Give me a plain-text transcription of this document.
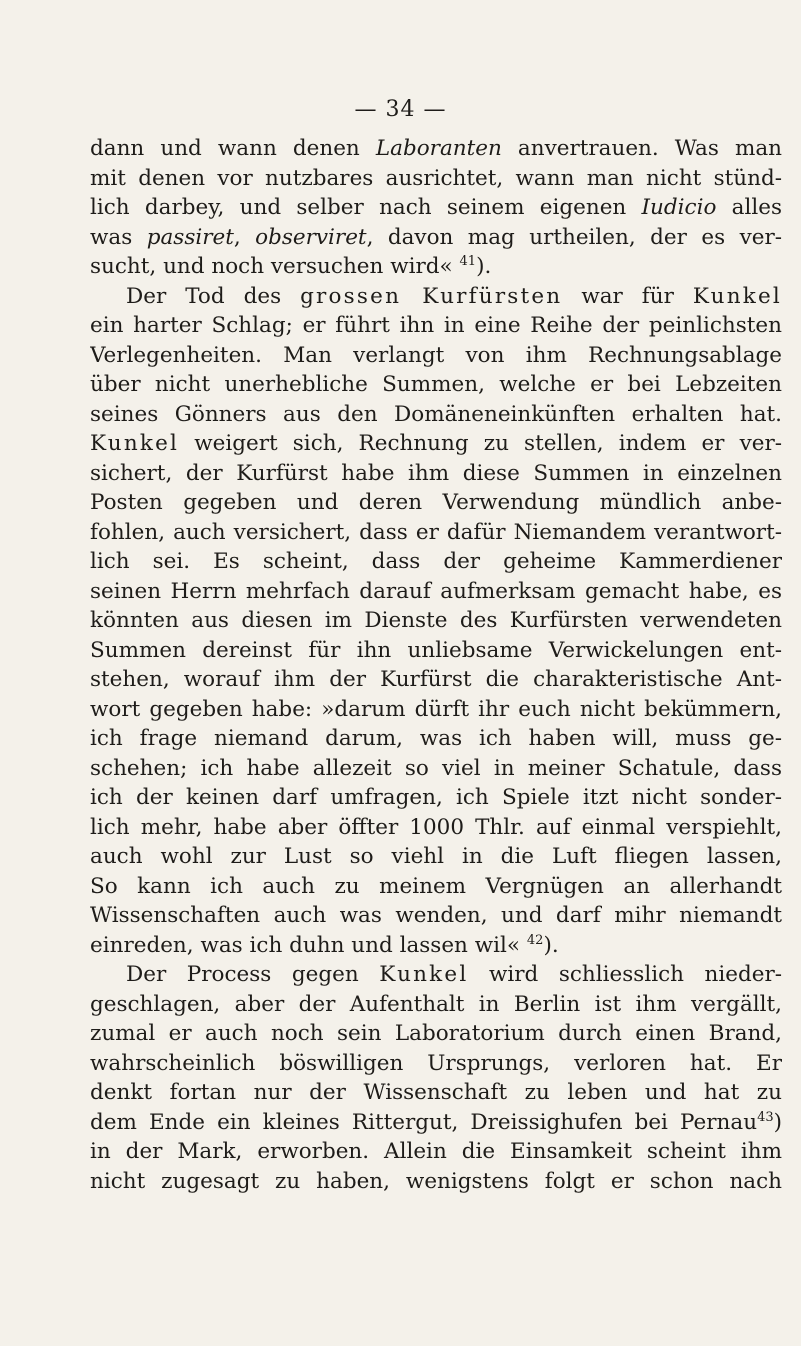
— 34 —
dann und wann denen Laboranten anvertrauen. Was man
mit denen vor nutzbares ausrichtet, wann man nicht stünd-
lich darbey, und selber nach seinem eigenen Iudicio alles
was passiret, observiret, davon mag urtheilen, der es ver-
sucht, und noch versuchen wird« $^{41}$).
Der Tod des grossen Kurfürsten war für Kunkel
ein harter Schlag; er führt ihn in eine Reihe der peinlichsten
Verlegenheiten. Man verlangt von ihm Rechnungsablage
über nicht unerhebliche Summen, welche er bei Lebzeiten
seines Gönners aus den Domäneneinkünften erhalten hat.
Kunkel weigert sich, Rechnung zu stellen, indem er ver-
sichert, der Kurfürst habe ihm diese Summen in einzelnen
Posten gegeben und deren Verwendung mündlich anbe-
fohlen, auch versichert, dass er dafür Niemandem verantwort-
lich sei. Es scheint, dass der geheime Kammerdiener
seinen Herrn mehrfach darauf aufmerksam gemacht habe, es
könnten aus diesen im Dienste des Kurfürsten verwendeten
Summen dereinst für ihn unliebsame Verwickelungen ent-
stehen, worauf ihm der Kurfürst die charakteristische Ant-
wort gegeben habe: »darum dürft ihr euch nicht bekümmern,
ich frage niemand darum, was ich haben will, muss ge-
schehen; ich habe allezeit so viel in meiner Schatule, dass
ich der keinen darf umfragen, ich Spiele itzt nicht sonder-
lich mehr, habe aber öffter 1000 Thlr. auf einmal verspiehlt,
auch wohl zur Lust so viehl in die Luft fliegen lassen,
So kann ich auch zu meinem Vergnügen an allerhandt
Wissenschaften auch was wenden, und darf mihr niemandt
einreden, was ich duhn und lassen wil« $^{42}$).
Der Process gegen Kunkel wird schliesslich nieder-
geschlagen, aber der Aufenthalt in Berlin ist ihm vergällt,
zumal er auch noch sein Laboratorium durch einen Brand,
wahrscheinlich böswilligen Ursprungs, verloren hat. Er
denkt fortan nur der Wissenschaft zu leben und hat zu
dem Ende ein kleines Rittergut, Dreissighufen bei Pernau$^{43}$)
in der Mark, erworben. Allein die Einsamkeit scheint ihm
nicht zugesagt zu haben, wenigstens folgt er schon nach
